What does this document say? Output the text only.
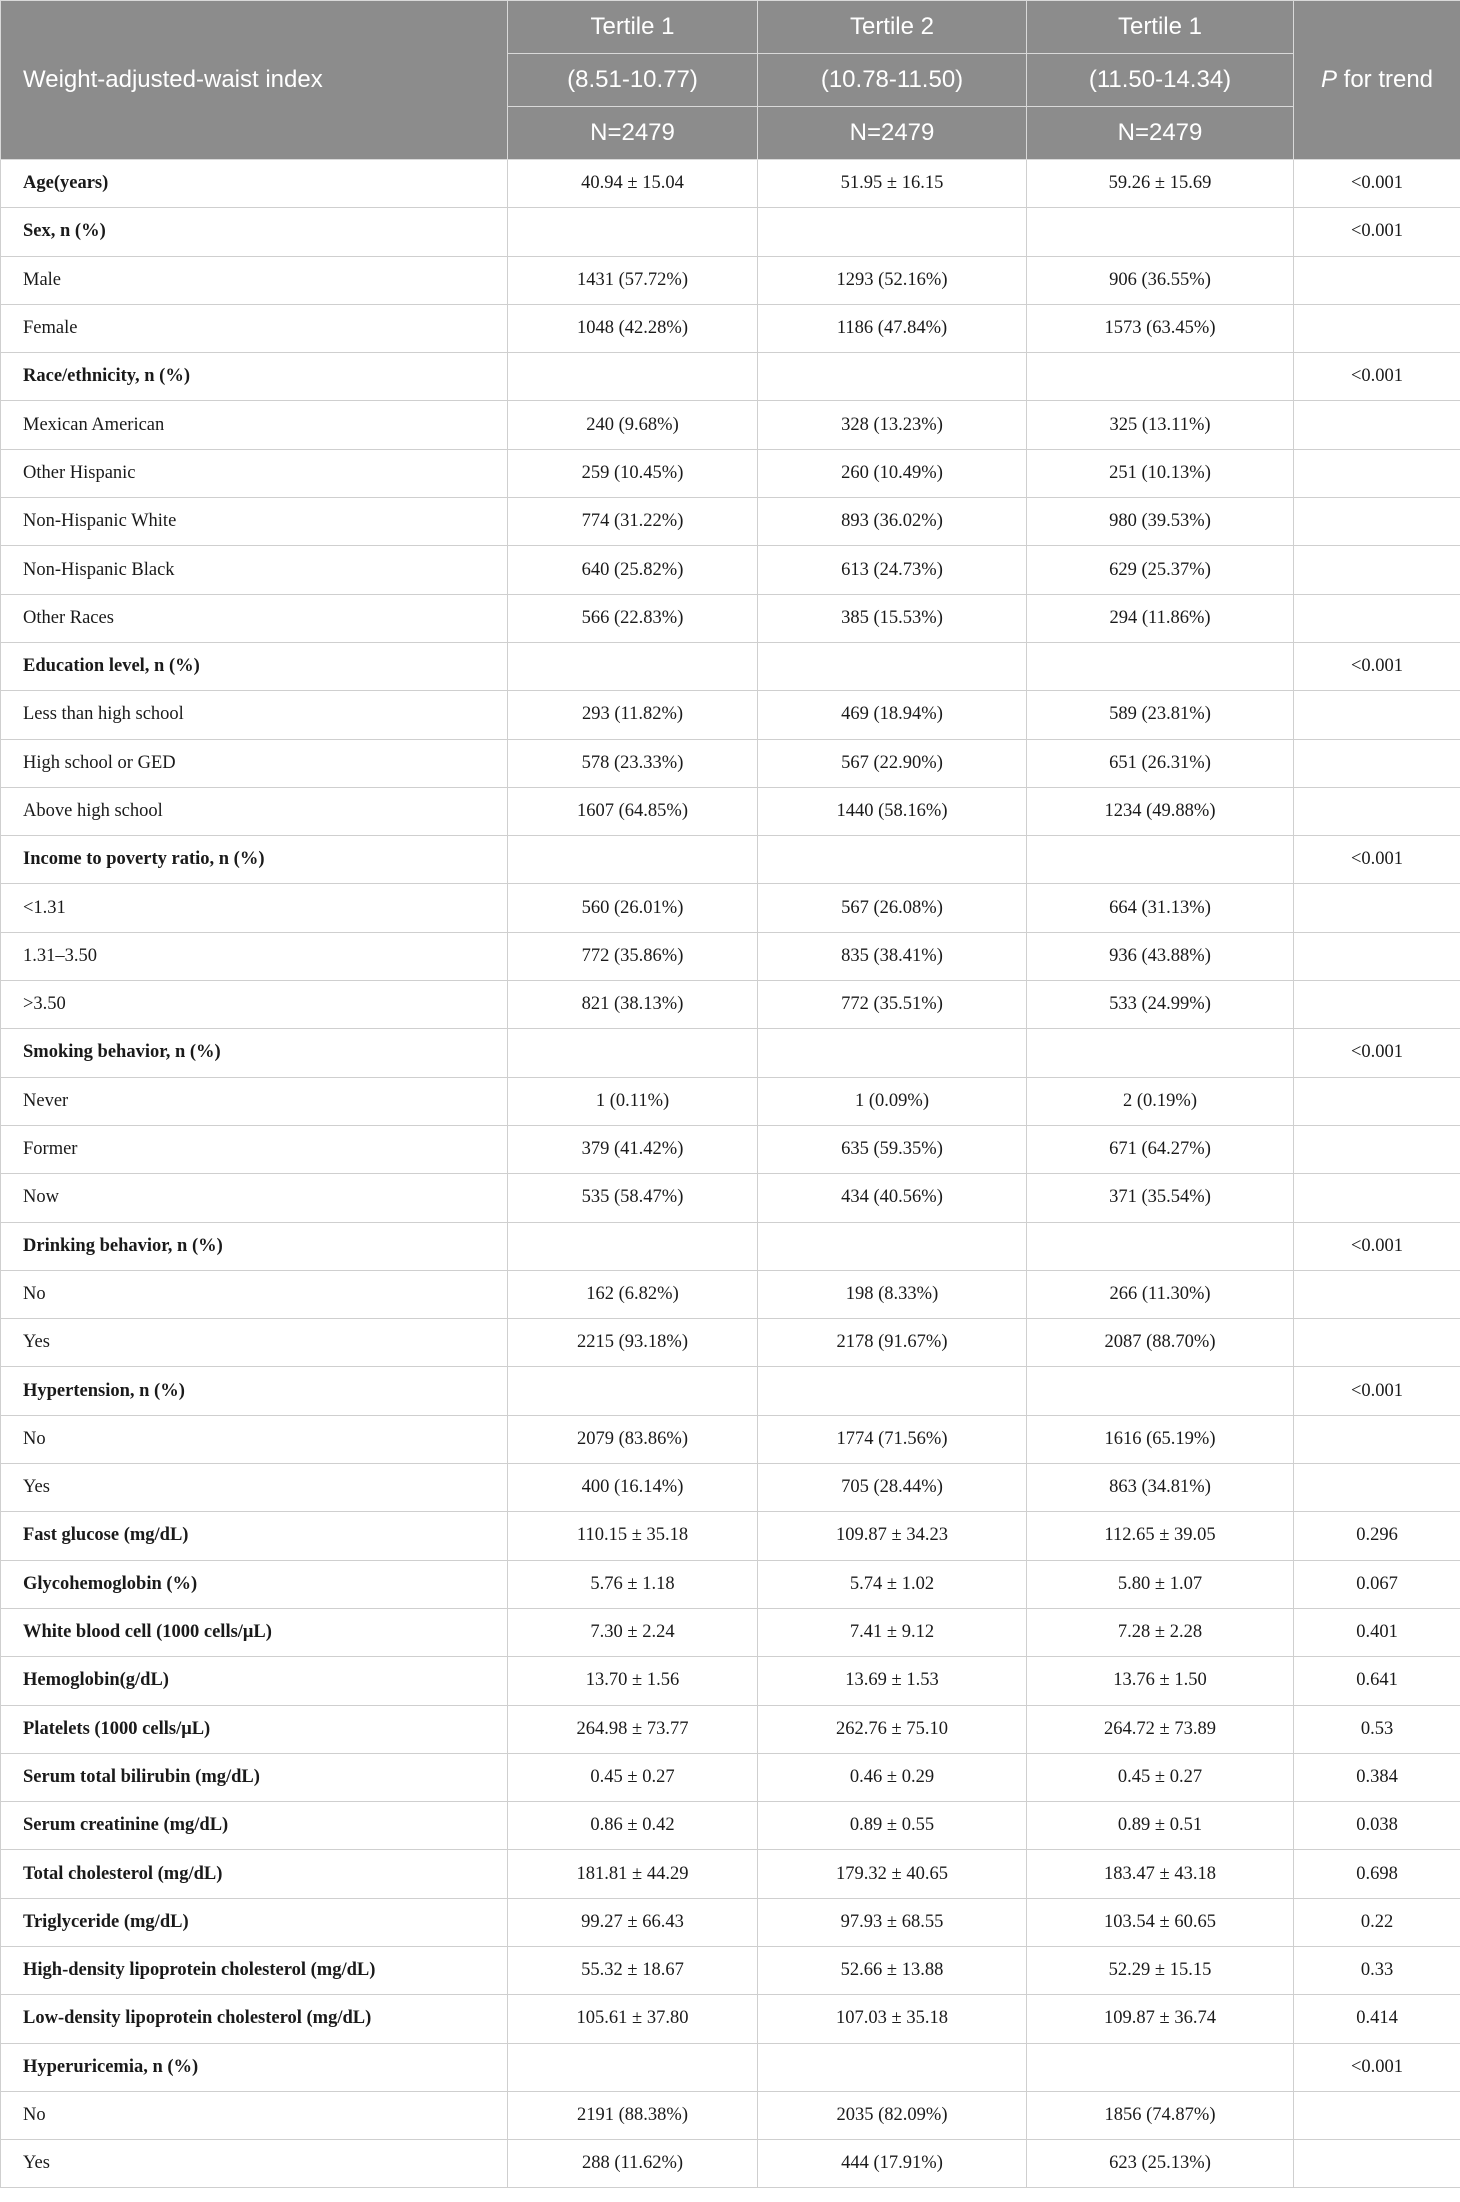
Weight-adjusted-waist index	Tertile 1	Tertile 2	Tertile 1	P for trend
	(8.51-10.77)	(10.78-11.50)	(11.50-14.34)	
	N=2479	N=2479	N=2479	
Age(years)	40.94 ± 15.04	51.95 ± 16.15	59.26 ± 15.69	<0.001
Sex, n (%)				<0.001
Male	1431 (57.72%)	1293 (52.16%)	906 (36.55%)	
Female	1048 (42.28%)	1186 (47.84%)	1573 (63.45%)	
Race/ethnicity, n (%)				<0.001
Mexican American	240 (9.68%)	328 (13.23%)	325 (13.11%)	
Other Hispanic	259 (10.45%)	260 (10.49%)	251 (10.13%)	
Non-Hispanic White	774 (31.22%)	893 (36.02%)	980 (39.53%)	
Non-Hispanic Black	640 (25.82%)	613 (24.73%)	629 (25.37%)	
Other Races	566 (22.83%)	385 (15.53%)	294 (11.86%)	
Education level, n (%)				<0.001
Less than high school	293 (11.82%)	469 (18.94%)	589 (23.81%)	
High school or GED	578 (23.33%)	567 (22.90%)	651 (26.31%)	
Above high school	1607 (64.85%)	1440 (58.16%)	1234 (49.88%)	
Income to poverty ratio, n (%)				<0.001
<1.31	560 (26.01%)	567 (26.08%)	664 (31.13%)	
1.31–3.50	772 (35.86%)	835 (38.41%)	936 (43.88%)	
>3.50	821 (38.13%)	772 (35.51%)	533 (24.99%)	
Smoking behavior, n (%)				<0.001
Never	1 (0.11%)	1 (0.09%)	2 (0.19%)	
Former	379 (41.42%)	635 (59.35%)	671 (64.27%)	
Now	535 (58.47%)	434 (40.56%)	371 (35.54%)	
Drinking behavior, n (%)				<0.001
No	162 (6.82%)	198 (8.33%)	266 (11.30%)	
Yes	2215 (93.18%)	2178 (91.67%)	2087 (88.70%)	
Hypertension, n (%)				<0.001
No	2079 (83.86%)	1774 (71.56%)	1616 (65.19%)	
Yes	400 (16.14%)	705 (28.44%)	863 (34.81%)	
Fast glucose (mg/dL)	110.15 ± 35.18	109.87 ± 34.23	112.65 ± 39.05	0.296
Glycohemoglobin (%)	5.76 ± 1.18	5.74 ± 1.02	5.80 ± 1.07	0.067
White blood cell (1000 cells/μL)	7.30 ± 2.24	7.41 ± 9.12	7.28 ± 2.28	0.401
Hemoglobin(g/dL)	13.70 ± 1.56	13.69 ± 1.53	13.76 ± 1.50	0.641
Platelets (1000 cells/μL)	264.98 ± 73.77	262.76 ± 75.10	264.72 ± 73.89	0.53
Serum total bilirubin (mg/dL)	0.45 ± 0.27	0.46 ± 0.29	0.45 ± 0.27	0.384
Serum creatinine (mg/dL)	0.86 ± 0.42	0.89 ± 0.55	0.89 ± 0.51	0.038
Total cholesterol (mg/dL)	181.81 ± 44.29	179.32 ± 40.65	183.47 ± 43.18	0.698
Triglyceride (mg/dL)	99.27 ± 66.43	97.93 ± 68.55	103.54 ± 60.65	0.22
High-density lipoprotein cholesterol (mg/dL)	55.32 ± 18.67	52.66 ± 13.88	52.29 ± 15.15	0.33
Low-density lipoprotein cholesterol (mg/dL)	105.61 ± 37.80	107.03 ± 35.18	109.87 ± 36.74	0.414
Hyperuricemia, n (%)				<0.001
No	2191 (88.38%)	2035 (82.09%)	1856 (74.87%)	
Yes	288 (11.62%)	444 (17.91%)	623 (25.13%)	
